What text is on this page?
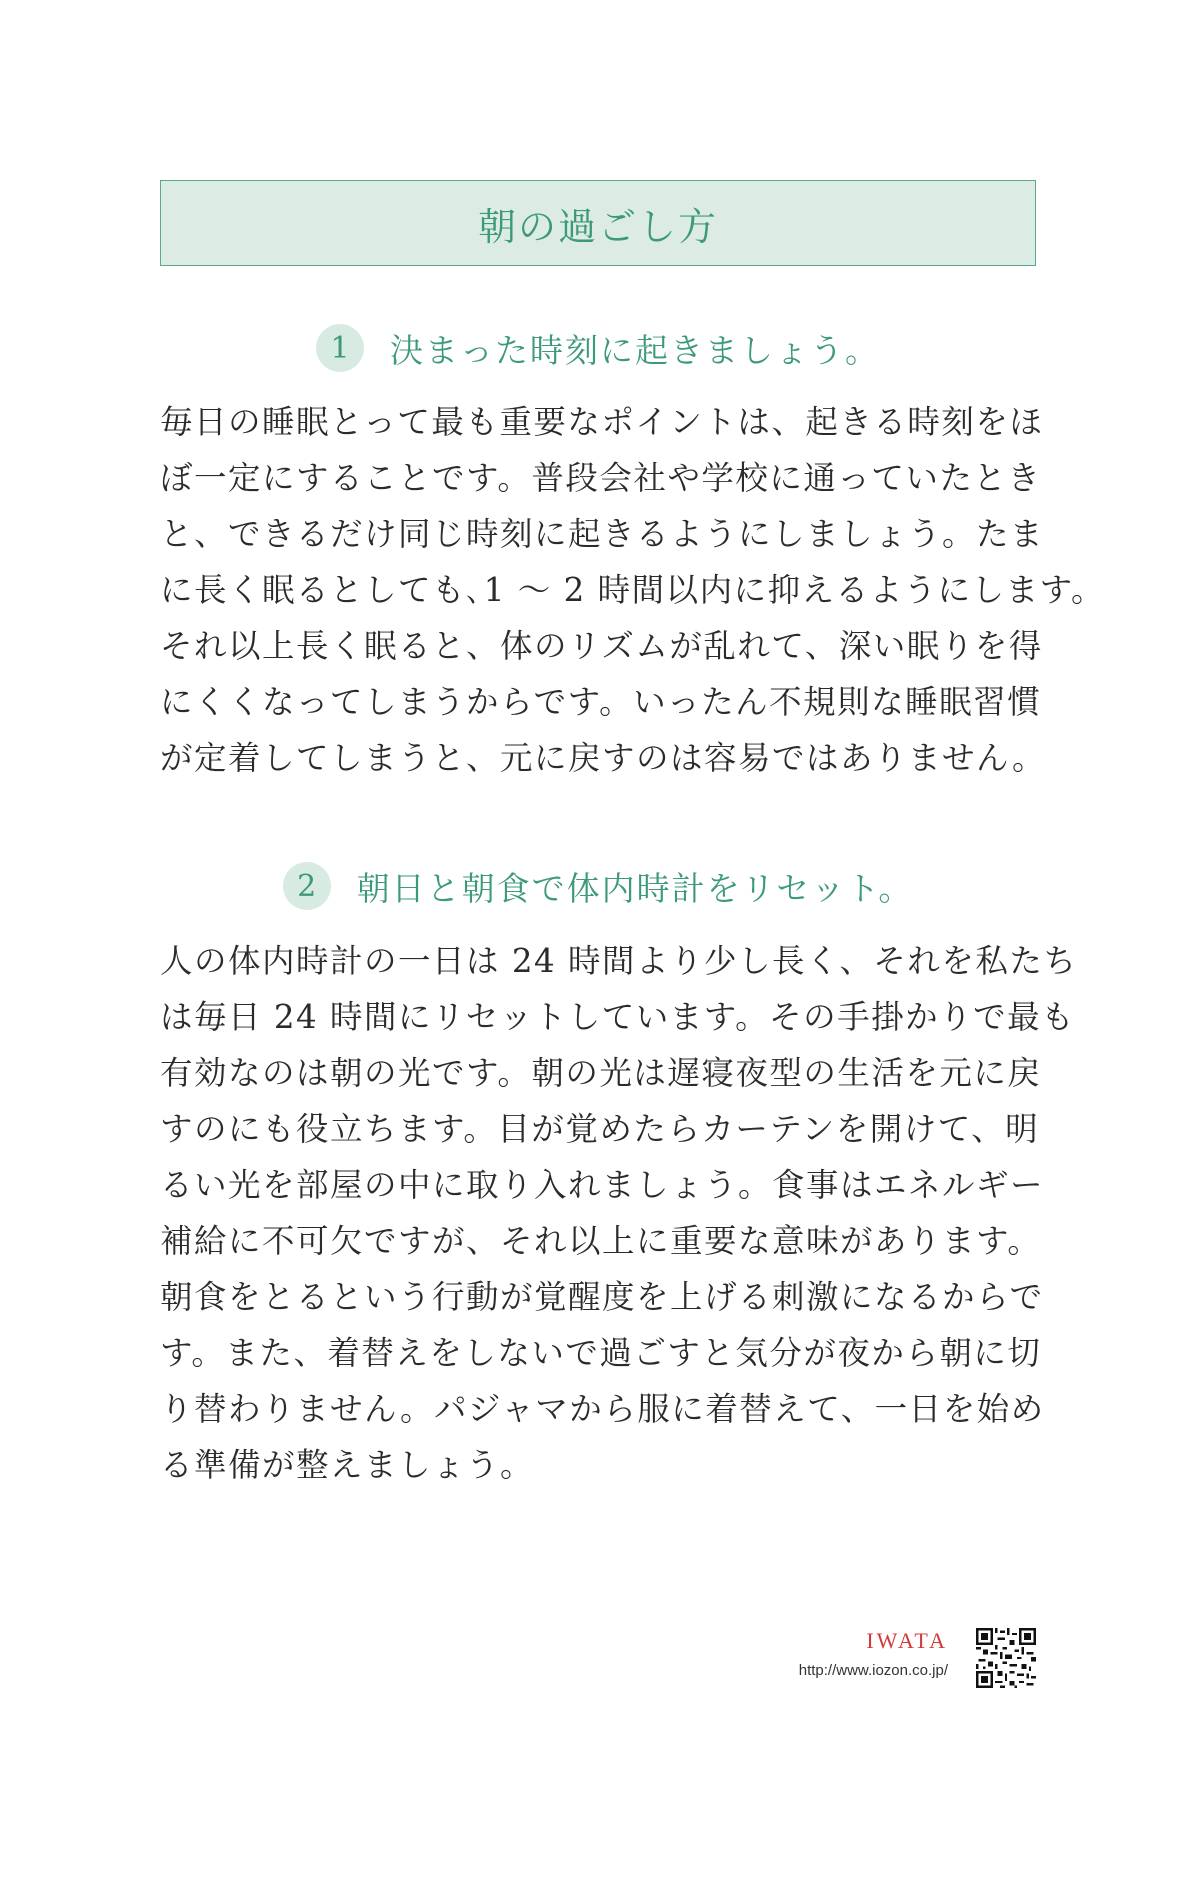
朝の過ごし方
1	決まった時刻に起きましょう。

毎日の睡眠とって最も重要なポイントは、起きる時刻をほ
ぼ一定にすることです。普段会社や学校に通っていたとき
と、できるだけ同じ時刻に起きるようにしましょう。たま
に長く眠るとしても､1 〜 2 時間以内に抑えるようにします。
それ以上長く眠ると、体のリズムが乱れて、深い眠りを得
にくくなってしまうからです。いったん不規則な睡眠習慣
が定着してしまうと、元に戻すのは容易ではありません。

2	朝日と朝食で体内時計をリセット。

人の体内時計の一日は 24 時間より少し長く、それを私たち
は毎日 24 時間にリセットしています。その手掛かりで最も
有効なのは朝の光です。朝の光は遅寝夜型の生活を元に戻
すのにも役立ちます。目が覚めたらカーテンを開けて、明
るい光を部屋の中に取り入れましょう。食事はエネルギー
補給に不可欠ですが、それ以上に重要な意味があります。
朝食をとるという行動が覚醒度を上げる刺激になるからで
す。また、着替えをしないで過ごすと気分が夜から朝に切
り替わりません。パジャマから服に着替えて、一日を始め
る準備が整えましょう。

IWATA
http://www.iozon.co.jp/
